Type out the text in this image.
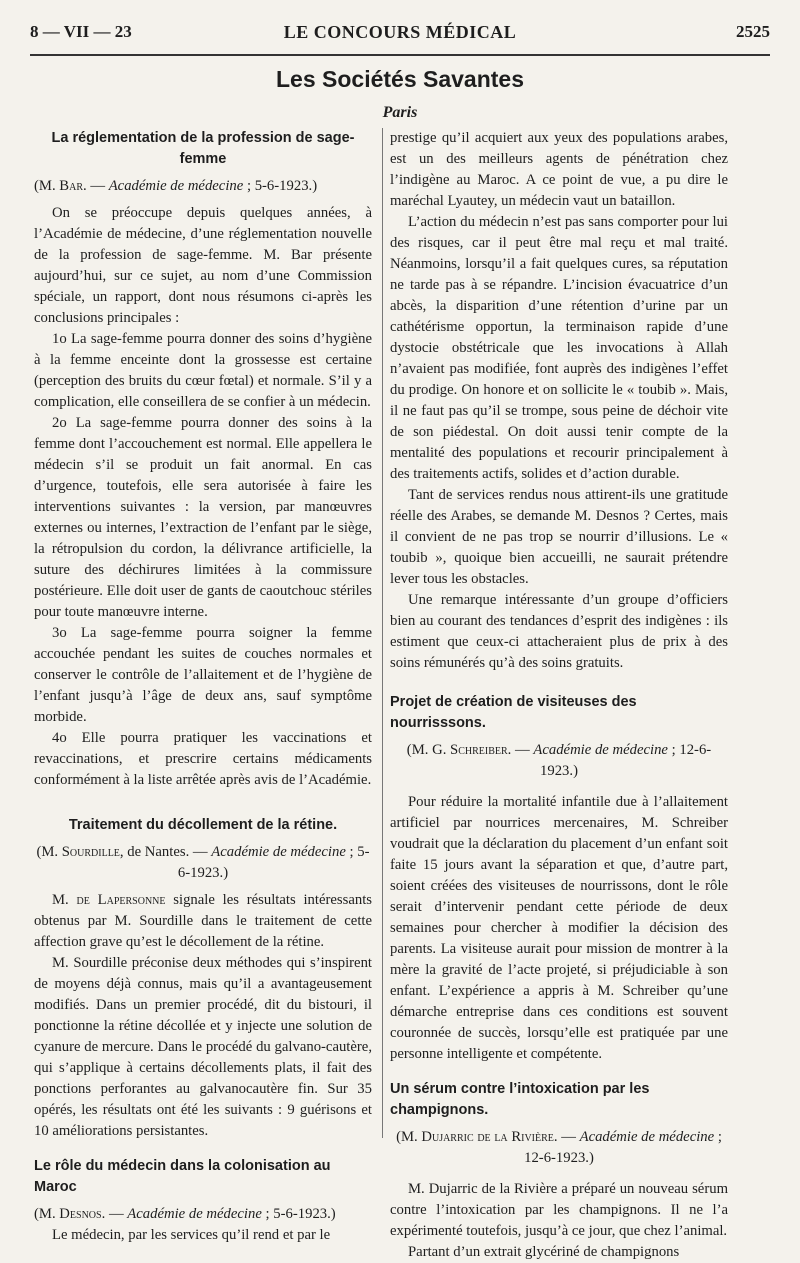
8 — VII — 23	LE CONCOURS MÉDICAL	2525
Les Sociétés Savantes
Paris
La réglementation de la profession de sage-femme

(M. Bar. — Académie de médecine ; 5-6-1923.)

On se préoccupe depuis quelques années, à l’Académie de médecine, d’une réglementation nouvelle de la profession de sage-femme. M. Bar présente aujourd’hui, sur ce sujet, au nom d’une Commission spéciale, un rapport, dont nous résumons ci-après les conclusions principales :

1o La sage-femme pourra donner des soins d’hygiène à la femme enceinte dont la grossesse est certaine (perception des bruits du cœur fœtal) et normale. S’il y a complication, elle conseillera de se confier à un médecin.

2o La sage-femme pourra donner des soins à la femme dont l’accouchement est normal. Elle appellera le médecin s’il se produit un fait anormal. En cas d’urgence, toutefois, elle sera autorisée à faire les interventions suivantes : la version, par manœuvres externes ou internes, l’extraction de l’enfant par le siège, la rétropulsion du cordon, la délivrance artificielle, la suture des déchirures limitées à la commissure postérieure. Elle doit user de gants de caoutchouc stériles pour toute manœuvre interne.

3o La sage-femme pourra soigner la femme accouchée pendant les suites de couches normales et conserver le contrôle de l’allaitement et de l’hygiène de l’enfant jusqu’à l’âge de deux ans, sauf symptôme morbide.

4o Elle pourra pratiquer les vaccinations et revaccinations, et prescrire certains médicaments conformément à la liste arrêtée après avis de l’Académie.

Traitement du décollement de la rétine.

(M. Sourdille, de Nantes. — Académie de médecine ; 5-6-1923.)

M. de Lapersonne signale les résultats intéressants obtenus par M. Sourdille dans le traitement de cette affection grave qu’est le décollement de la rétine.

M. Sourdille préconise deux méthodes qui s’inspirent de moyens déjà connus, mais qu’il a avantageusement modifiés. Dans un premier procédé, dit du bistouri, il ponctionne la rétine décollée et y injecte une solution de cyanure de mercure. Dans le procédé du galvano-cautère, qui s’applique à certains décollements plats, il fait des ponctions perforantes au galvanocautère fin. Sur 35 opérés, les résultats ont été les suivants : 9 guérisons et 10 améliorations persistantes.

Le rôle du médecin dans la colonisation au Maroc

(M. Desnos. — Académie de médecine ; 5-6-1923.)

Le médecin, par les services qu’il rend et par le

prestige qu’il acquiert aux yeux des populations arabes, est un des meilleurs agents de pénétration chez l’indigène au Maroc. A ce point de vue, a pu dire le maréchal Lyautey, un médecin vaut un bataillon.

L’action du médecin n’est pas sans comporter pour lui des risques, car il peut être mal reçu et mal traité. Néanmoins, lorsqu’il a fait quelques cures, sa réputation ne tarde pas à se répandre. L’incision évacuatrice d’un abcès, la disparition d’une rétention d’urine par un cathétérisme opportun, la terminaison rapide d’une dystocie obstétricale que les invocations à Allah n’avaient pas modifiée, font auprès des indigènes l’effet du prodige. On honore et on sollicite le « toubib ». Mais, il ne faut pas qu’il se trompe, sous peine de déchoir vite de son piédestal. On doit aussi tenir compte de la mentalité des populations et recourir principalement à des traitements actifs, solides et d’action durable.

Tant de services rendus nous attirent-ils une gratitude réelle des Arabes, se demande M. Desnos ? Certes, mais il convient de ne pas trop se nourrir d’illusions. Le « toubib », quoique bien accueilli, ne saurait prétendre lever tous les obstacles.

Une remarque intéressante d’un groupe d’officiers bien au courant des tendances d’esprit des indigènes : ils estiment que ceux-ci attacheraient plus de prix à des soins rémunérés qu’à des soins gratuits.

Projet de création de visiteuses des nourrisssons.

(M. G. Schreiber. — Académie de médecine ; 12-6-1923.)

Pour réduire la mortalité infantile due à l’allaitement artificiel par nourrices mercenaires, M. Schreiber voudrait que la déclaration du placement d’un enfant soit faite 15 jours avant la séparation et que, d’autre part, soient créées des visiteuses de nourrissons, dont le rôle serait d’intervenir pendant cette période de deux semaines pour chercher à modifier la décision des parents. La visiteuse aurait pour mission de montrer à la mère la gravité de l’acte projeté, si préjudiciable à son enfant. L’expérience a appris à M. Schreiber qu’une démarche entreprise dans ces conditions est souvent couronnée de succès, lorsqu’elle est pratiquée par une personne intelligente et compétente.

Un sérum contre l’intoxication par les champignons.

(M. Dujarric de la Rivière. — Académie de médecine ; 12-6-1923.)

M. Dujarric de la Rivière a préparé un nouveau sérum contre l’intoxication par les champignons. Il ne l’a expérimenté toutefois, jusqu’à ce jour, que chez l’animal.

Partant d’un extrait glycériné de champignons
